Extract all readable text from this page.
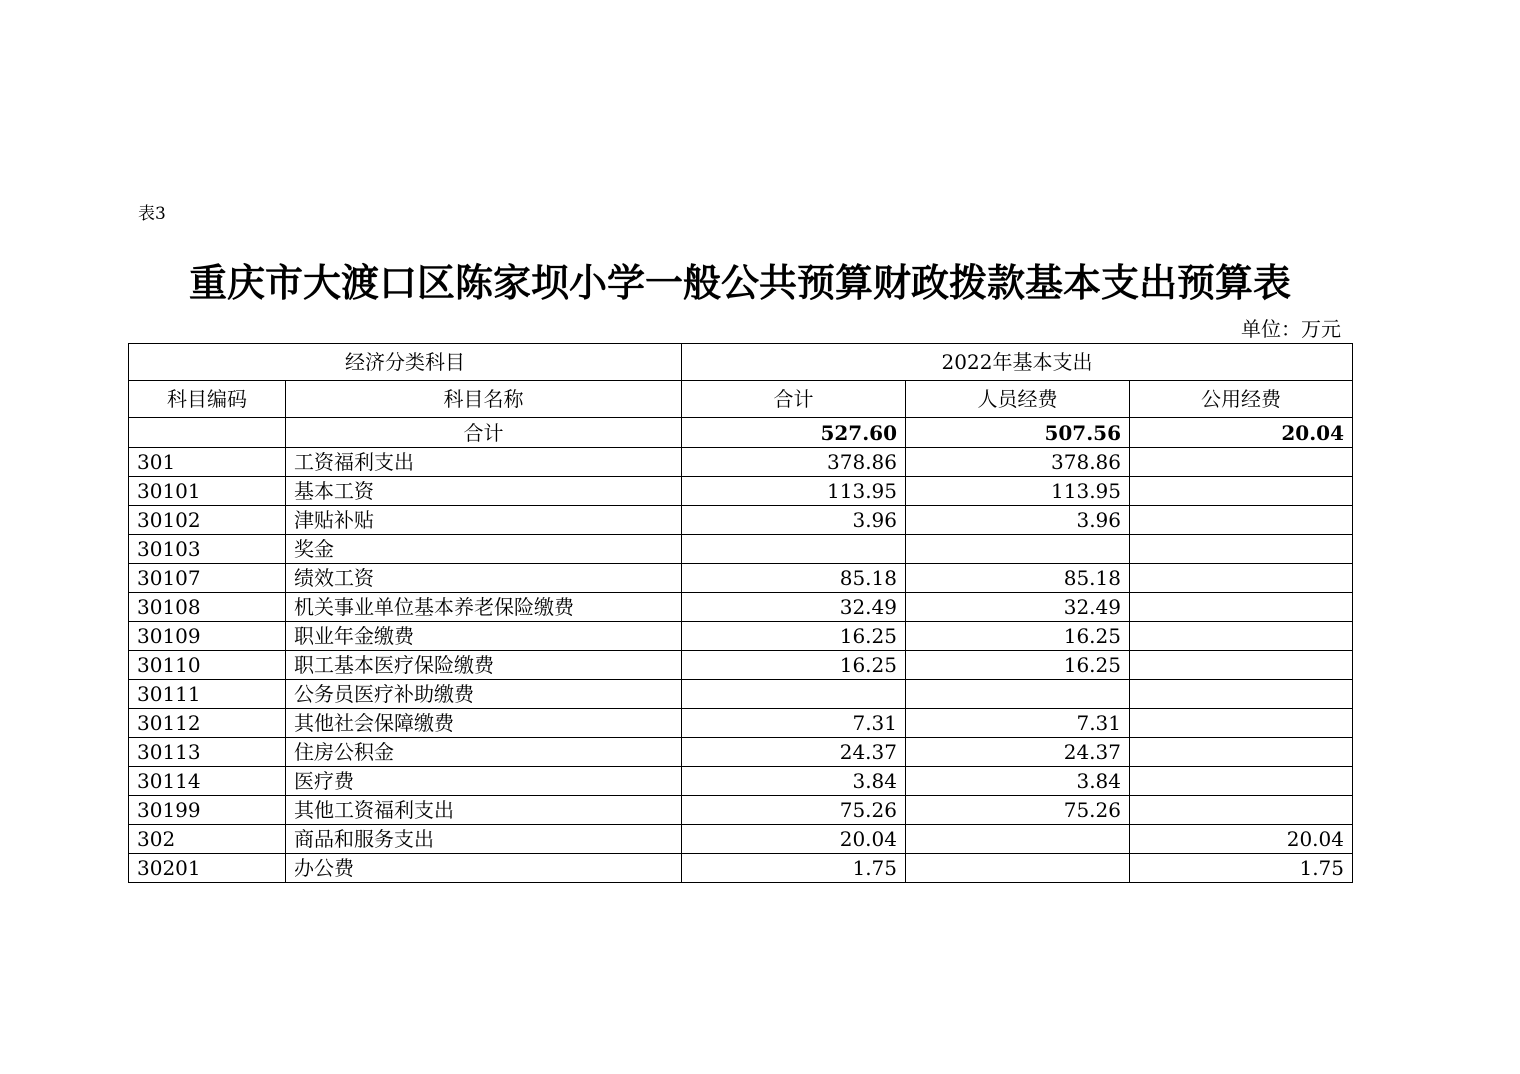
表3
重庆市大渡口区陈家坝小学一般公共预算财政拨款基本支出预算表
单位：万元
经济分类科目		2022年基本支出		
科目编码	科目名称	合计	人员经费	公用经费
	合计	527.60	507.56	20.04
301	工资福利支出	378.86	378.86	
30101	基本工资	113.95	113.95	
30102	津贴补贴	3.96	3.96	
30103	奖金			
30107	绩效工资	85.18	85.18	
30108	机关事业单位基本养老保险缴费	32.49	32.49	
30109	职业年金缴费	16.25	16.25	
30110	职工基本医疗保险缴费	16.25	16.25	
30111	公务员医疗补助缴费			
30112	其他社会保障缴费	7.31	7.31	
30113	住房公积金	24.37	24.37	
30114	医疗费	3.84	3.84	
30199	其他工资福利支出	75.26	75.26	
302	商品和服务支出	20.04		20.04
30201	办公费	1.75		1.75
